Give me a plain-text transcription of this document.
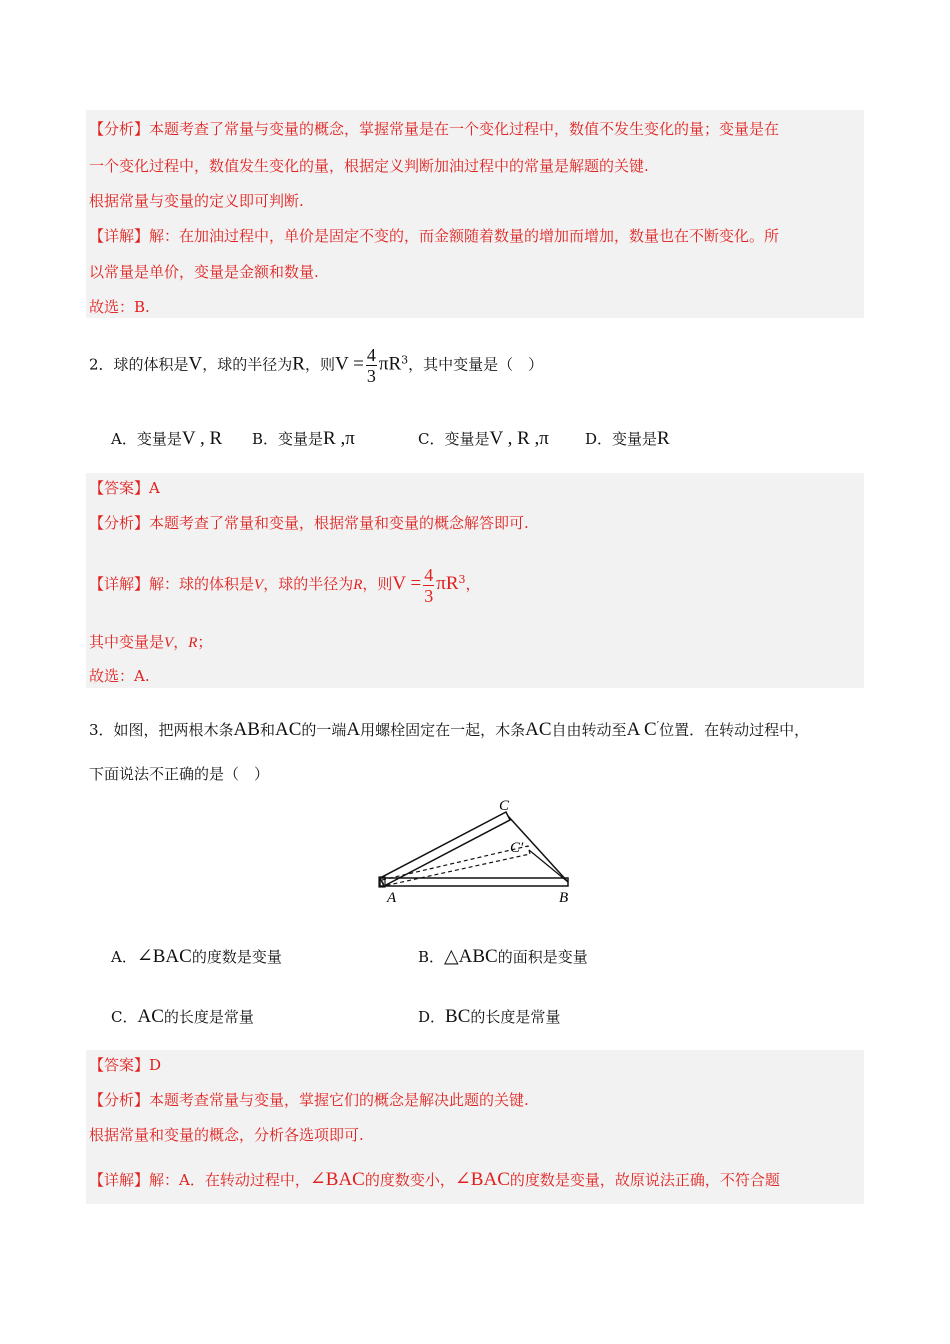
【分析】本题考查了常量与变量的概念，掌握常量是在一个变化过程中，数值不发生变化的量；变量是在
一个变化过程中，数值发生变化的量，根据定义判断加油过程中的常量是解题的关键.
根据常量与变量的定义即可判断.
【详解】解：在加油过程中，单价是固定不变的，而金额随着数量的增加而增加，数量也在不断变化。所
以常量是单价，变量是金额和数量.
故选：B.
2．球的体积是V，球的半径为R，则$V = \frac{4}{3} \pi R^3$，其中变量是（　）
A．变量是V , R B．变量是R ,π	C．变量是V , R ,π D．变量是R
【答案】A
【分析】本题考查了常量和变量，根据常量和变量的概念解答即可.
【详解】解：球的体积是V，球的半径为R，则$V = \frac{4}{3} \pi R^3$，
其中变量是V，R；
故选：A.
3．如图，把两根木条AB和AC的一端A用螺栓固定在一起，木条AC自由转动至A C′位置．在转动过程中，
下面说法不正确的是（　）
C
C′
A	B
A．∠BAC的度数是变量	B．△ABC的面积是变量
C．AC的长度是常量	D．BC的长度是常量
【答案】D
【分析】本题考查常量与变量，掌握它们的概念是解决此题的关键.
根据常量和变量的概念，分析各选项即可.
【详解】解：A．在转动过程中，∠BAC的度数变小，∠BAC的度数是变量，故原说法正确，不符合题
